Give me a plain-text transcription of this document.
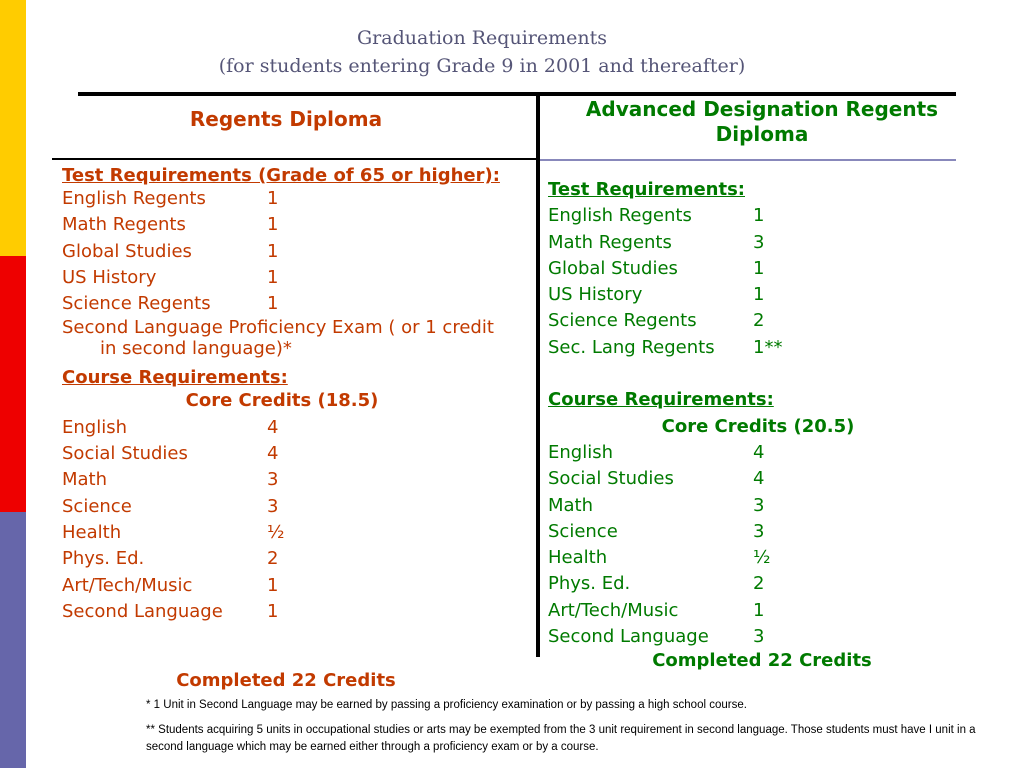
Graduation Requirements
(for students entering Grade 9 in 2001 and thereafter)
Regents Diploma	Advanced Designation Regents Diploma
Test Requirements (Grade of 65 or higher):
English Regents	1
Math Regents	1
Global Studies	1
US History	1
Science Regents	1
Second Language Proficiency Exam ( or 1 credit in second language)*
Course Requirements:
Core Credits (18.5)
English	4
Social Studies	4
Math	3
Science	3
Health	½
Phys. Ed.	2
Art/Tech/Music	1
Second Language	1
Completed 22 Credits
Test Requirements:
English Regents	1
Math Regents	3
Global Studies	1
US History	1
Science Regents	2
Sec. Lang Regents	1**
Course Requirements:
Core Credits (20.5)
English	4
Social Studies	4
Math	3
Science	3
Health	½
Phys. Ed.	2
Art/Tech/Music	1
Second Language	3
Completed 22 Credits
* 1 Unit in Second Language may be earned by passing a proficiency examination or by passing a high school course.
** Students acquiring 5 units in occupational studies or arts may be exempted from the 3 unit requirement in second language. Those students must have I unit in a second language which may be earned either through a proficiency exam or by a course.
